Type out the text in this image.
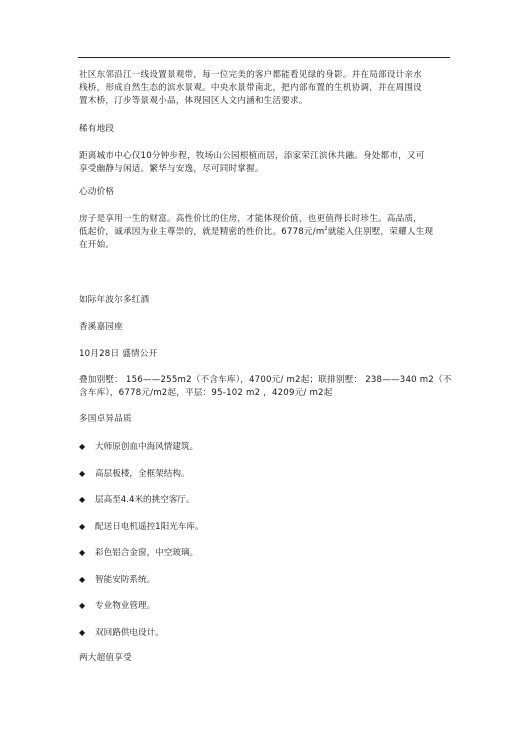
社区东邻沿江一线设置景观带，每一位完美的客户都能看见绿的身影。并在局部设计亲水
栈桥，形成自然生态的滨水景观。中央水景带南北，把内部布置的生机协调，并在周围设
置木桥，汀步等景观小品，体现园区人文内涵和生活要求。
稀有地段
距离城市中心仅10分钟步程，牧场山公园根植而居，添家荣江滨休共融。身处都市，又可
享受幽静与闲适。繁华与安逸，尽可同时掌握。
心动价格
房子是享用一生的财富。高性价比的住房，才能体现价值，也更值得长时珍生。高品质，
低起价，诚承因为业主尊崇的，就是精密的性价比。6778元$/m^2$就能入住别墅，荣耀人生现
在开始。
如际年波尔多红酒
香溪嘉园座
10月28日 盛情公开
叠加别墅： 156——255m2（不含车库），4700元/ m2起；联排别墅： 238——340 m2（不
含车库），6778元/m2起，平层：95-102 m2 ，4209元/ m2起
多国卓异品质
◆ 大师原创血中海风情建筑。
◆ 高层板楼，全框架结构。
◆ 层高至4.4米的挑空客厅。
◆ 配送日电机遥控1阳光车库。
◆ 彩色铝合金窗，中空玻璃。
◆ 智能安防系统。
◆ 专业物业管理。
◆ 双回路供电设计。
两大超值享受
